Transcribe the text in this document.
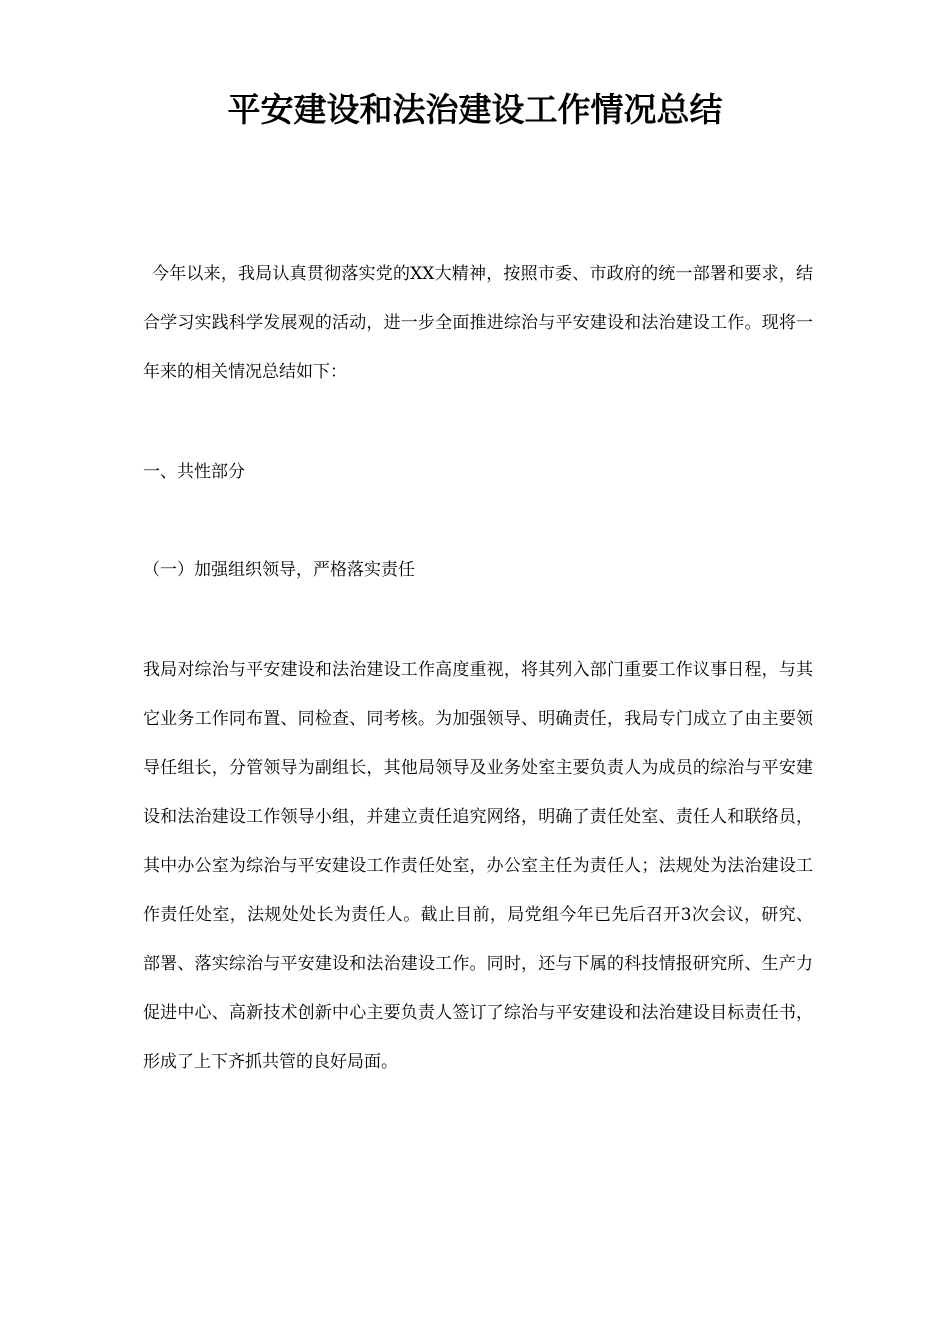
平安建设和法治建设工作情况总结
今年以来，我局认真贯彻落实党的XX大精神，按照市委、市政府的统一部署和要求，结合学习实践科学发展观的活动，进一步全面推进综治与平安建设和法治建设工作。现将一年来的相关情况总结如下：
一、共性部分
（一）加强组织领导，严格落实责任
我局对综治与平安建设和法治建设工作高度重视，将其列入部门重要工作议事日程，与其它业务工作同布置、同检查、同考核。为加强领导、明确责任，我局专门成立了由主要领导任组长，分管领导为副组长，其他局领导及业务处室主要负责人为成员的综治与平安建设和法治建设工作领导小组，并建立责任追究网络，明确了责任处室、责任人和联络员，其中办公室为综治与平安建设工作责任处室，办公室主任为责任人；法规处为法治建设工作责任处室，法规处处长为责任人。截止目前，局党组今年已先后召开3次会议，研究、部署、落实综治与平安建设和法治建设工作。同时，还与下属的科技情报研究所、生产力促进中心、高新技术创新中心主要负责人签订了综治与平安建设和法治建设目标责任书，形成了上下齐抓共管的良好局面。
